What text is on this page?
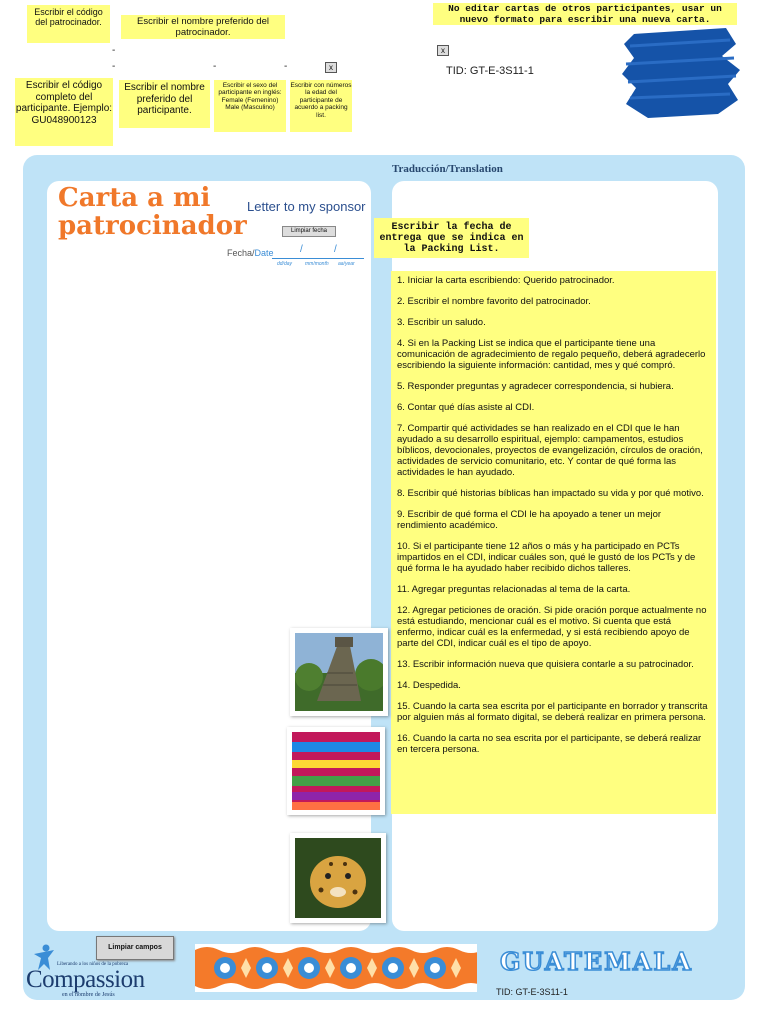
Escribir el código del patrocinador.	Escribir el nombre preferido del patrocinador.
No editar cartas de otros participantes, usar un nuevo formato para escribir una nueva carta.
-
-	-	-	x
x
TID: GT-E-3S11-1
Escribir el código completo del participante. Ejemplo: GU048900123
Escribir el nombre preferido del participante.
Escribir el sexo del participante en inglés: Female (Femenino) Male (Masculino)
Escribir con números la edad del participante de acuerdo a packing list.
Traducción/Translation
Carta a mi patrocinador
Letter to my sponsor
Limpiar fecha
Fecha/Date	/	/
dd/day	mm/month aa/year
Escribir la fecha de entrega que se indica en la Packing List.

1. Iniciar la carta escribiendo: Querido patrocinador.

2. Escribir el nombre favorito del patrocinador.

3. Escribir un saludo.

4. Si en la Packing List se indica que el participante tiene una comunicación de agradecimiento de regalo pequeño, deberá agradecerlo escribiendo la siguiente información: cantidad, mes y qué compró.

5. Responder preguntas y agradecer correspondencia, si hubiera.

6. Contar qué días asiste al CDI.

7. Compartir qué actividades se han realizado en el CDI que le han ayudado a su desarrollo espiritual, ejemplo: campamentos, estudios bíblicos, devocionales, proyectos de evangelización, círculos de oración, actividades de servicio comunitario, etc. Y contar de qué forma las actividades le han ayudado.

8. Escribir qué historias bíblicas han impactado su vida y por qué motivo.

9. Escribir de qué forma el CDI le ha apoyado a tener un mejor rendimiento académico.

10. Si el participante tiene 12 años o más y ha participado en PCTs impartidos en el CDI, indicar cuáles son, qué le gustó de los PCTs y de qué forma le ha ayudado haber recibido dichos talleres.

11. Agregar preguntas relacionadas al tema de la carta.

12. Agregar peticiones de oración. Si pide oración porque actualmente no está estudiando, mencionar cuál es el motivo. Si cuenta que está enfermo, indicar cuál es la enfermedad, y si está recibiendo apoyo de parte del CDI, indicar cuál es el tipo de apoyo.

13. Escribir información nueva que quisiera contarle a su patrocinador.

14. Despedida.

15. Cuando la carta sea escrita por el participante en borrador y transcrita por alguien más al formato digital, se deberá realizar en primera persona.

16. Cuando la carta no sea escrita por el participante, se deberá realizar en tercera persona.

Limpiar campos
Liberando a los niños de la pobreza
Compassion
en el nombre de Jesús
GUATEMALA
TID: GT-E-3S11-1
